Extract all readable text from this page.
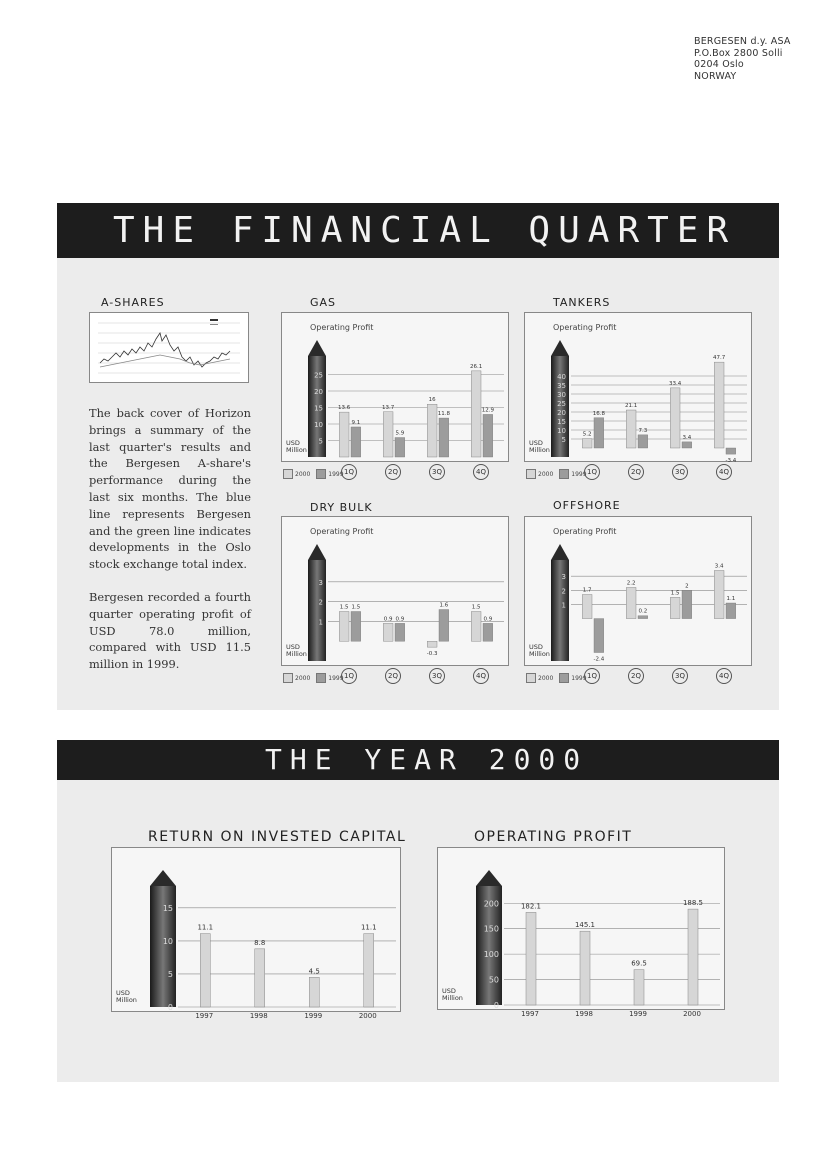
BERGESEN d.y. ASA
P.O.Box 2800 Solli
0204 Oslo
NORWAY
THE FINANCIAL QUARTER
THE YEAR 2000
A-SHARES

The back cover of Horizon brings a summary of the last quarter's results and the Bergesen A-share's performance during the last six months. The blue line represents Bergesen and the green line indicates developments in the Oslo stock exchange total index.

Bergesen recorded a fourth quarter operating profit of USD 78.0 million, compared with USD 11.5 million in 1999.

GAS
5
10
15
20
25
USD
Million
Operating Profit
13.6
9.1
13.7
5.9
16
11.8
26.1
12.9
2000	1999
TANKERS
5
10
15
20
25
30
35
40
USD
Million
Operating Profit
5.2
16.8
21.1
7.3
33.4
3.4
47.7
-3.4
2000	1999
DRY BULK
1
2
3
USD
Million
Operating Profit
1.5 1.5
0.9 0.9
-0.3
1.6	1.5
0.9
2000	1999
OFFSHORE
1
2
3
USD
Million
Operating Profit
1.7
-2.4
2.2
0.2
1.5
2
3.4
1.1
2000	1999
RETURN ON INVESTED CAPITAL
0
5
10
15
USD
Million
11.1
8.8
4.5
11.1
OPERATING PROFIT
0
50
100
150
200
USD
Million
182.1
145.1
69.5
188.5
1Q	2Q	3Q	4Q	1Q	2Q	3Q	4Q
1Q	2Q	3Q	4Q	1Q	2Q	3Q	4Q
1997	1998	1999	2000	1997	1998	1999	2000
